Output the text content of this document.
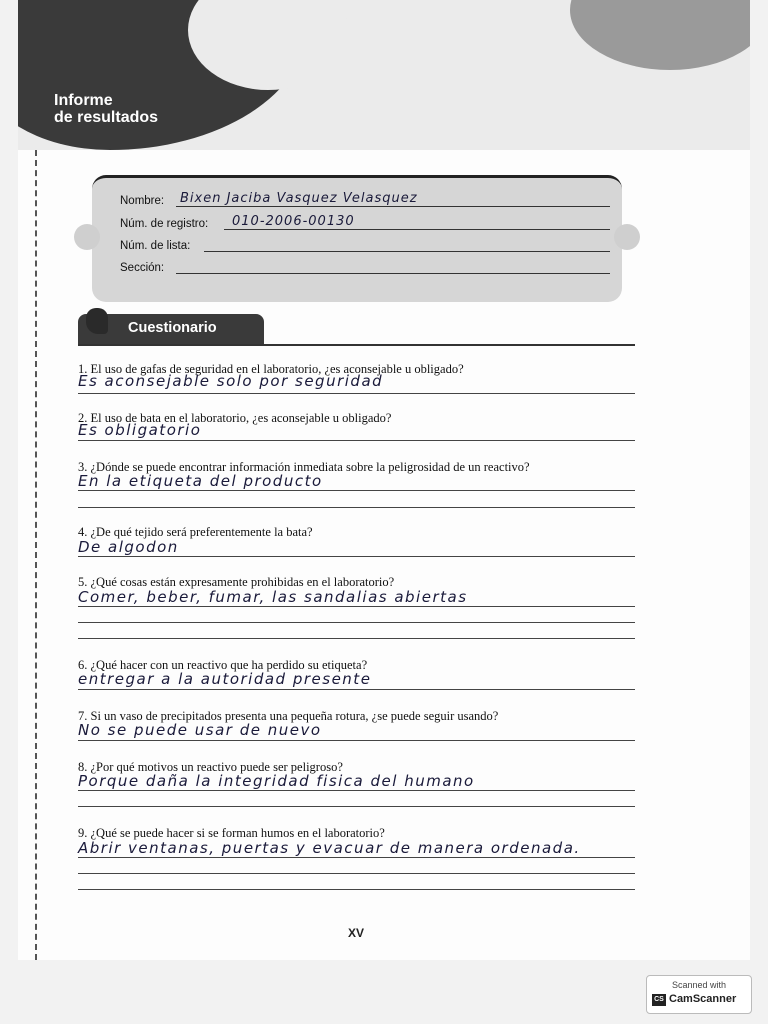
Informe
de resultados
Nombre: Bixen Jaciba Vasquez Velasquez
Núm. de registro: 010-2006-00130
Núm. de lista:
Sección:
Cuestionario
1. El uso de gafas de seguridad en el laboratorio, ¿es aconsejable u obligado?
Es aconsejable solo por seguridad
2. El uso de bata en el laboratorio, ¿es aconsejable u obligado?
Es obligatorio
3. ¿Dónde se puede encontrar información inmediata sobre la peligrosidad de un reactivo?
En la etiqueta del producto
4. ¿De qué tejido será preferentemente la bata?
De algodon
5. ¿Qué cosas están expresamente prohibidas en el laboratorio?
Comer, beber, fumar, las sandalias abiertas
6. ¿Qué hacer con un reactivo que ha perdido su etiqueta?
entregar a la autoridad presente
7. Si un vaso de precipitados presenta una pequeña rotura, ¿se puede seguir usando?
No se puede usar de nuevo
8. ¿Por qué motivos un reactivo puede ser peligroso?
Porque daña la integridad fisica del humano
9. ¿Qué se puede hacer si se forman humos en el laboratorio?
Abrir ventanas, puertas y evacuar de manera ordenada.
XV
Scanned with
CS CamScanner
